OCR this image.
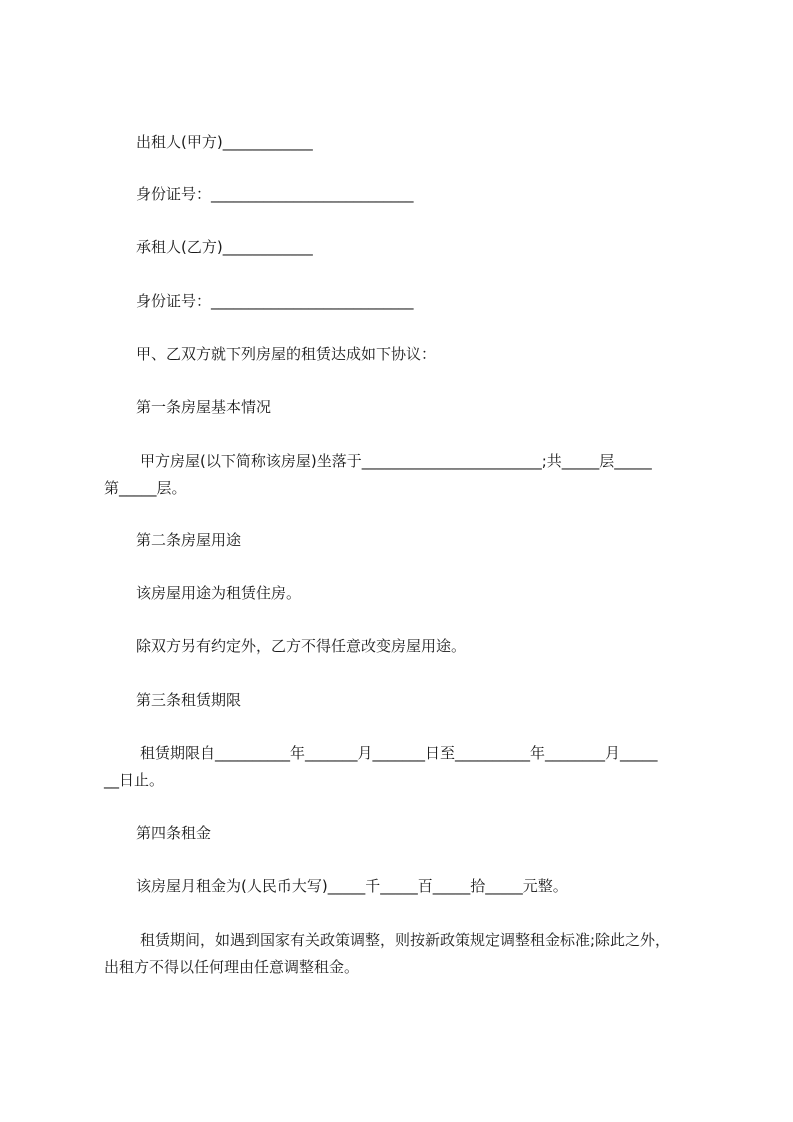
出租人(甲方)____________
身份证号：___________________________
承租人(乙方)____________
身份证号：___________________________
甲、乙双方就下列房屋的租赁达成如下协议：
第一条房屋基本情况
甲方房屋(以下简称该房屋)坐落于________________________;共_____层_____
第_____层。
第二条房屋用途
该房屋用途为租赁住房。
除双方另有约定外，乙方不得任意改变房屋用途。
第三条租赁期限
租赁期限自__________年_______月_______日至__________年________月_____
__日止。
第四条租金
该房屋月租金为(人民币大写)_____千_____百_____拾_____元整。
租赁期间，如遇到国家有关政策调整，则按新政策规定调整租金标准;除此之外，
出租方不得以任何理由任意调整租金。
